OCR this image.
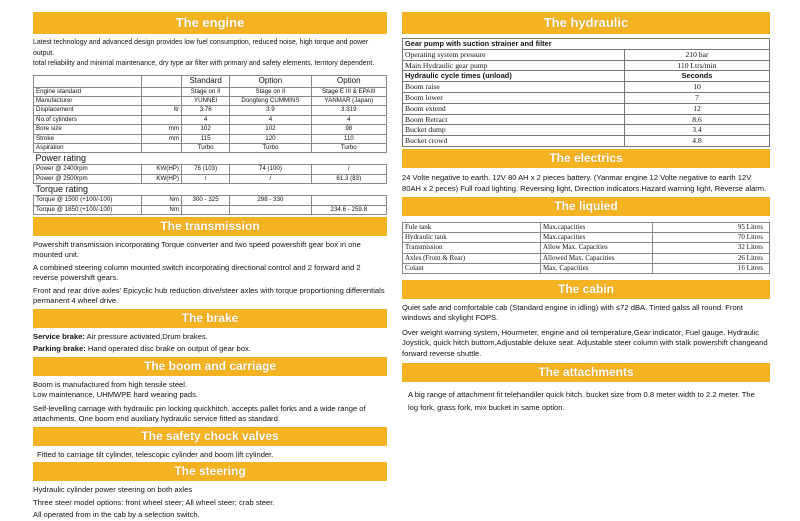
The engine

Latest technology and advanced design provides low fuel consumption, reduced noise, high torque and power output.

total reliability and minimal maintenance, dry type air filter with primary and safety elements, territory dependent.

		Standard	Option	Option
Engine standard		Stage on II	Stage on II	Stage E III & EPAIII
Manufacturer		YUNNEI	Dongfeng CUMMINS	YANMAR (Japan)
Displacement	ltr	3.76	3.9	3.319
No.of cylinders		4	4	4
Bore size	mm	102	102	98
Stroke	mm	115	120	110
Aspiration		Turbo	Turbo	Turbo
Power rating				
Power @ 2400rpm	KW(HP)	76 (103)	74 (100)	/
Power @ 2500rpm	KW(HP)	/	/	61.3 (83)
Torque rating				
Torque @ 1500 (+100/-100)	Nm	300 - 325	298 - 330	
Torque @ 1850 (+100/-100)	Nm			234.6 - 259.8
The transmission

Powershift transmission incorporating Torque converter and two speed powershift gear box in one mounted unit.

A combined steering column mounted switch incorporating directional control and 2 forward and 2 reverse powershift gears.

Front and rear drive axles' Epicyclic hub reduction drive/steer axles with torque proportioning differentials permanent 4 wheel drive.

The brake

Service brake: Air pressure activated,Drum brakes.

Parking brake: Hand operated disc brake on output of gear box.

The boom and carriage

Boom is manufactured from high tensile steel.

Low maintenance, UHMWPE hard wearing pads.

Self-levelling carriage with hydraulic pin locking quickhitch. accepts pallet forks and a wide range of attachments. One boom end auxiliary hydraulic service fitted as standard.

The safety chock valves

Fitted to carriage tilt cylinder, telescopic cylinder and boom lift cylinder.

The steering

Hydraulic cylinder power steering on both axles

Three steer model options: front wheel steer; All wheel steer; crab steer.

All operated from in the cab by a selection switch.

The hydraulic
Gear pump with suction strainer and filter	
Operating system pressure	210 bar
Main Hydraulic gear pump	110 Ltrs/min
Hydraulic cycle times (unload)	Seconds
Boom raise	10
Boom lower	7
Boom extend	12
Boom Retract	8.6
Bucket dump	3.4
Bucket crowd	4.8
The electrics

24 Volte negative to earth. 12V 80 AH x 2 pieces battery. (Yanmar engine 12 Volte negative to earth 12V 80AH x 2 peces) Full road lighting. Reversing light, Direction indicators.Hazard warning light, Reverse alarm.

The liquied
Fule tank	Max.capacities	95 Litres
Hydraulic tank	Max.capacities	70 Litres
Transmission	Allow Max. Capacities	32 Litres
Axles (Front & Rear)	Allowed Max. Capacities	26 Litres
Colant	Max. Capacities	16 Litres
The cabin

Quiet safe and comfortable cab (Standard engine in idling) with ≤72 dBA. Tinted galss all round. Front windows and skylight FOPS.

Over weight warning system, Hourmeter, engine and oil temperature,Gear indicator, Fuel gauge. Hydraulic Joystick, quick hitch buttom,Adjustable deluxe seat. Adjustable steer column with stalk powershift changeand forward reverse shuttle.

The attachments

A big range of attachment fit telehandiler quick hitch. bucket size from 0.8 meter width to 2.2 meter. The log fork, grass fork, mix bucket in same option.
